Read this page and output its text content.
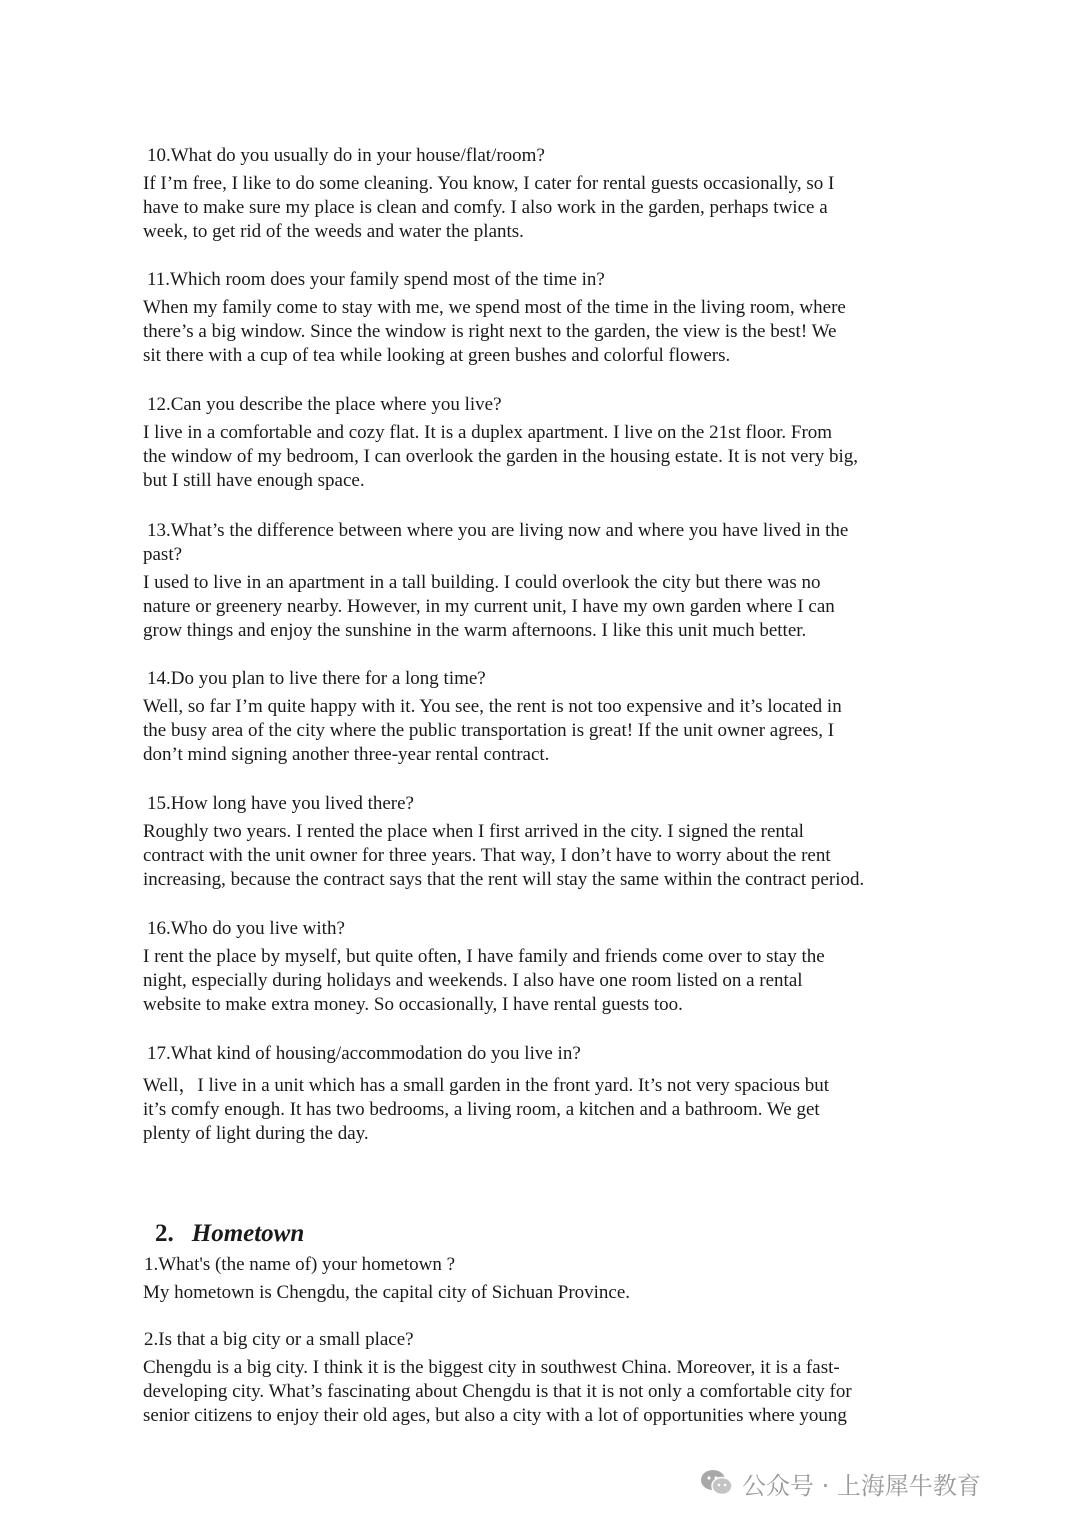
10.What do you usually do in your house/flat/room?

If I’m free, I like to do some cleaning. You know, I cater for rental guests occasionally, so I
have to make sure my place is clean and comfy. I also work in the garden, perhaps twice a
week, to get rid of the weeds and water the plants.

11.Which room does your family spend most of the time in?

When my family come to stay with me, we spend most of the time in the living room, where
there’s a big window. Since the window is right next to the garden, the view is the best! We
sit there with a cup of tea while looking at green bushes and colorful flowers.

12.Can you describe the place where you live?

I live in a comfortable and cozy flat. It is a duplex apartment. I live on the 21st floor. From
the window of my bedroom, I can overlook the garden in the housing estate. It is not very big,
but I still have enough space.

13.What’s the difference between where you are living now and where you have lived in the

past?

I used to live in an apartment in a tall building. I could overlook the city but there was no
nature or greenery nearby. However, in my current unit, I have my own garden where I can
grow things and enjoy the sunshine in the warm afternoons. I like this unit much better.

14.Do you plan to live there for a long time?

Well, so far I’m quite happy with it. You see, the rent is not too expensive and it’s located in
the busy area of the city where the public transportation is great! If the unit owner agrees, I
don’t mind signing another three-year rental contract.

15.How long have you lived there?

Roughly two years. I rented the place when I first arrived in the city. I signed the rental
contract with the unit owner for three years. That way, I don’t have to worry about the rent
increasing, because the contract says that the rent will stay the same within the contract period.

16.Who do you live with?

I rent the place by myself, but quite often, I have family and friends come over to stay the
night, especially during holidays and weekends. I also have one room listed on a rental
website to make extra money. So occasionally, I have rental guests too.

17.What kind of housing/accommodation do you live in?

Well，I live in a unit which has a small garden in the front yard. It’s not very spacious but
it’s comfy enough. It has two bedrooms, a living room, a kitchen and a bathroom. We get
plenty of light during the day.

2. Hometown

1.What's (the name of) your hometown ?

My hometown is Chengdu, the capital city of Sichuan Province.

2.Is that a big city or a small place?

Chengdu is a big city. I think it is the biggest city in southwest China. Moreover, it is a fast-
developing city. What’s fascinating about Chengdu is that it is not only a comfortable city for
senior citizens to enjoy their old ages, but also a city with a lot of opportunities where young

公众号 · 上海犀牛教育
